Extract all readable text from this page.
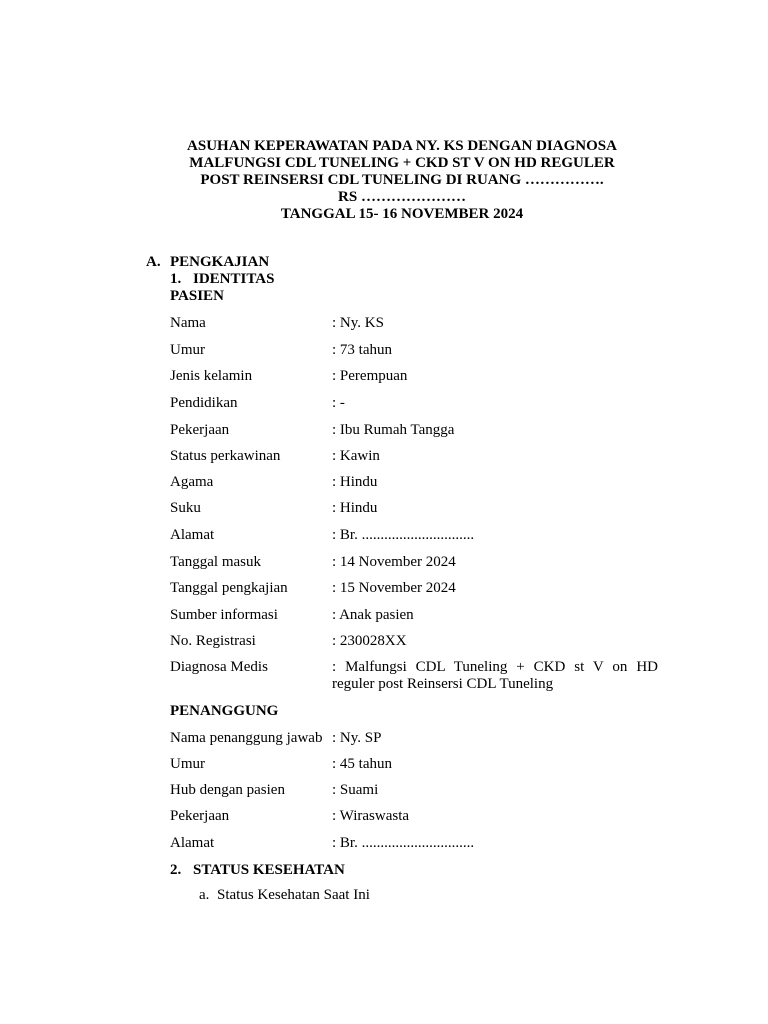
ASUHAN KEPERAWATAN PADA NY. KS DENGAN DIAGNOSA
MALFUNGSI CDL TUNELING + CKD ST V ON HD REGULER
POST REINSERSI CDL TUNELING DI RUANG …………….
RS …………………
TANGGAL 15- 16 NOVEMBER 2024
A. PENGKAJIAN
1. IDENTITAS PASIEN
Nama	: Ny. KS
Umur	: 73 tahun
Jenis kelamin	: Perempuan
Pendidikan	: -
Pekerjaan	: Ibu Rumah Tangga
Status perkawinan	: Kawin
Agama	: Hindu
Suku	: Hindu
Alamat	: Br. ..............................
Tanggal masuk	: 14 November 2024
Tanggal pengkajian	: 15 November 2024
Sumber informasi	: Anak pasien
No. Registrasi	: 230028XX
Diagnosa Medis	: Malfungsi CDL Tuneling + CKD st V on HD
reguler post Reinsersi CDL Tuneling
PENANGGUNG
Nama penanggung jawab : Ny. SP
Umur	: 45 tahun
Hub dengan pasien	: Suami
Pekerjaan	: Wiraswasta
Alamat	: Br. ..............................
2. STATUS KESEHATAN
a. Status Kesehatan Saat Ini
